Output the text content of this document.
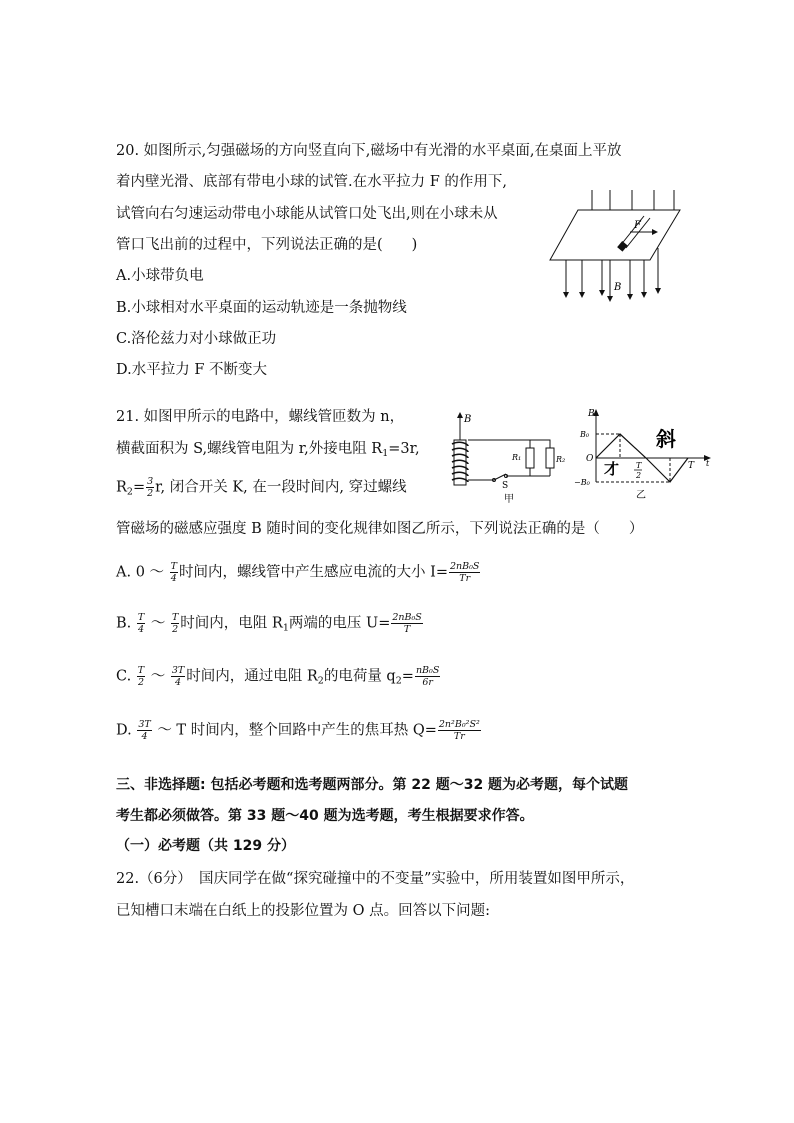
20. 如图所示,匀强磁场的方向竖直向下,磁场中有光滑的水平桌面,在桌面上平放
着内壁光滑、底部有带电小球的试管.在水平拉力 F 的作用下,
试管向右匀速运动带电小球能从试管口处飞出,则在小球未从
管口飞出前的过程中，下列说法正确的是(　　)
A.小球带负电
B.小球相对水平桌面的运动轨迹是一条抛物线
C.洛伦兹力对小球做正功
D.水平拉力 F 不断变大
F
B
21. 如图甲所示的电路中，螺线管匝数为 n，
横截面积为 S,螺线管电阻为 r,外接电阻 $R_1=3r$,
$R_2= \frac{3}{2} r$, 闭合开关 K, 在一段时间内, 穿过螺线
管磁场的磁感应强度 B 随时间的变化规律如图乙所示，下列说法正确的是（　　）
A. 0 ～ $\frac{T}{4}$ 时间内，螺线管中产生感应电流的大小 $I= \frac{\text{2nB₀S}}{Tr}$
B. $\frac{T}{4}$ ～ $\frac{T}{2}$ 时间内，电阻 $R_1$两端的电压 $U= \frac{\text{2nB₀S}}{T}$
C. $\frac{T}{2}$ ～ $\frac{3T}{4}$ 时间内，通过电阻 $R_2$的电荷量 $q_2= \frac{\text{nB₀S}}{6r}$
D. $\frac{3T}{4}$ ～ T 时间内，整个回路中产生的焦耳热 $Q= \frac{\text{2n²B₀²S²}}{Tr}$
B
R₁	R₂
S
甲
B
B₀
O
−B₀
T t
T
2
斜
才
乙
三、非选择题: 包括必考题和选考题两部分。第 22 题～32 题为必考题，每个试题
考生都必须做答。第 33 题～40 题为选考题，考生根据要求作答。
（一）必考题（共 129 分）
22.（6分）　国庆同学在做“探究碰撞中的不变量”实验中，所用装置如图甲所示，
已知槽口末端在白纸上的投影位置为 O 点。回答以下问题:
